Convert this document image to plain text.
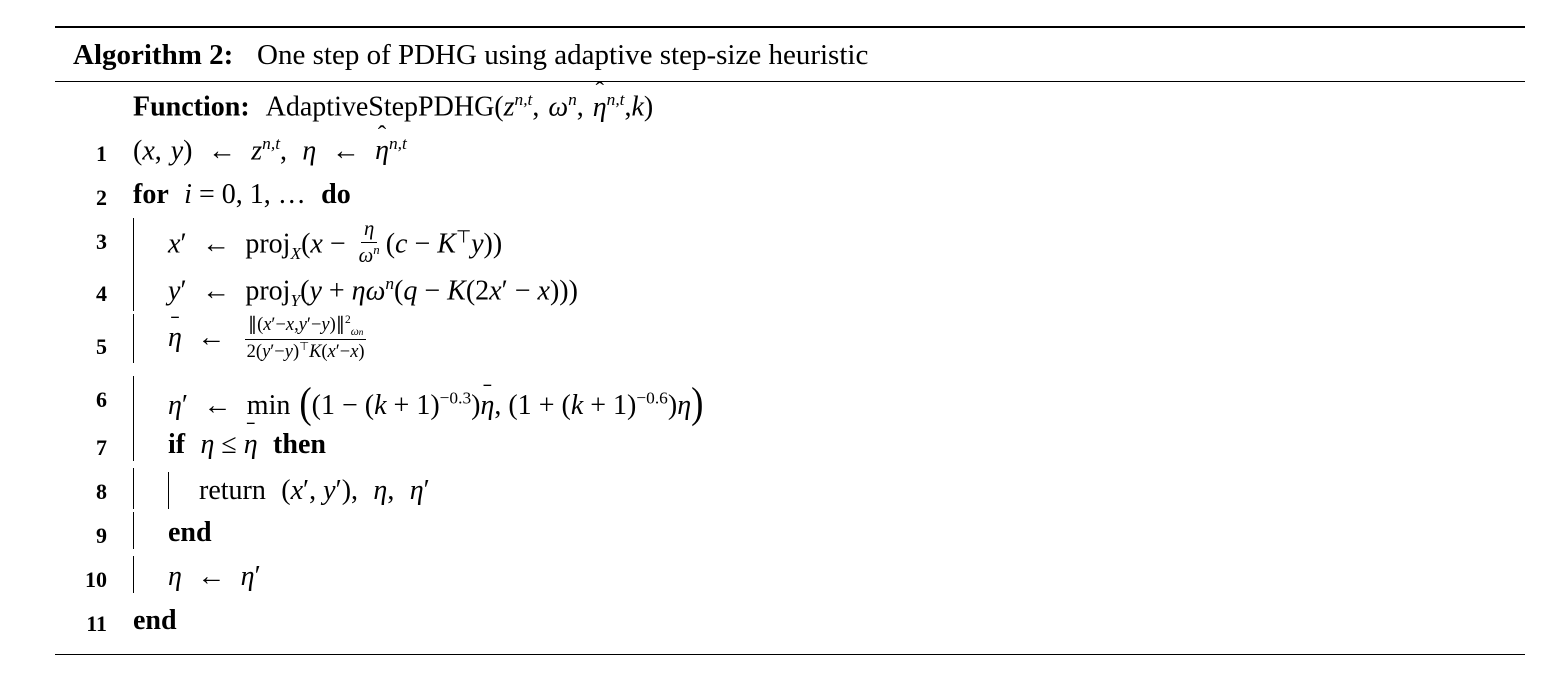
Algorithm 2: One step of PDHG using adaptive step-size heuristic
Function: $AdaptiveStepPDHG(z^{n,t}$, $\omega^n$, $\eta^{n,t},k$)
1 (x, y) ← $z^{n,t}$, η ← $\eta^{n,t}$
2 for i = 0, 1, … do
3	x′ ← proj$_X$(x − $\frac{\eta}{\omega^n} (c - K^⊤y)$)
4	y′ ← proj$_Y$(y + $\eta\omega^n(q - K(2x' - x))$)
5	η ← $\frac{\parallel(x'-x,y'-y)\parallel^2_{\omega n}}{2(y'-y)^⊤K(x'-x)}$
6	η′ ← $\min ((1 - (k + 1)^{-0.3})$
η, $(1 + (k + 1)^{-0.6})\eta$)
7	if η ≤ η then
8	return (x′, y′), η, η′
9	end
10	η ← η′
11 end
